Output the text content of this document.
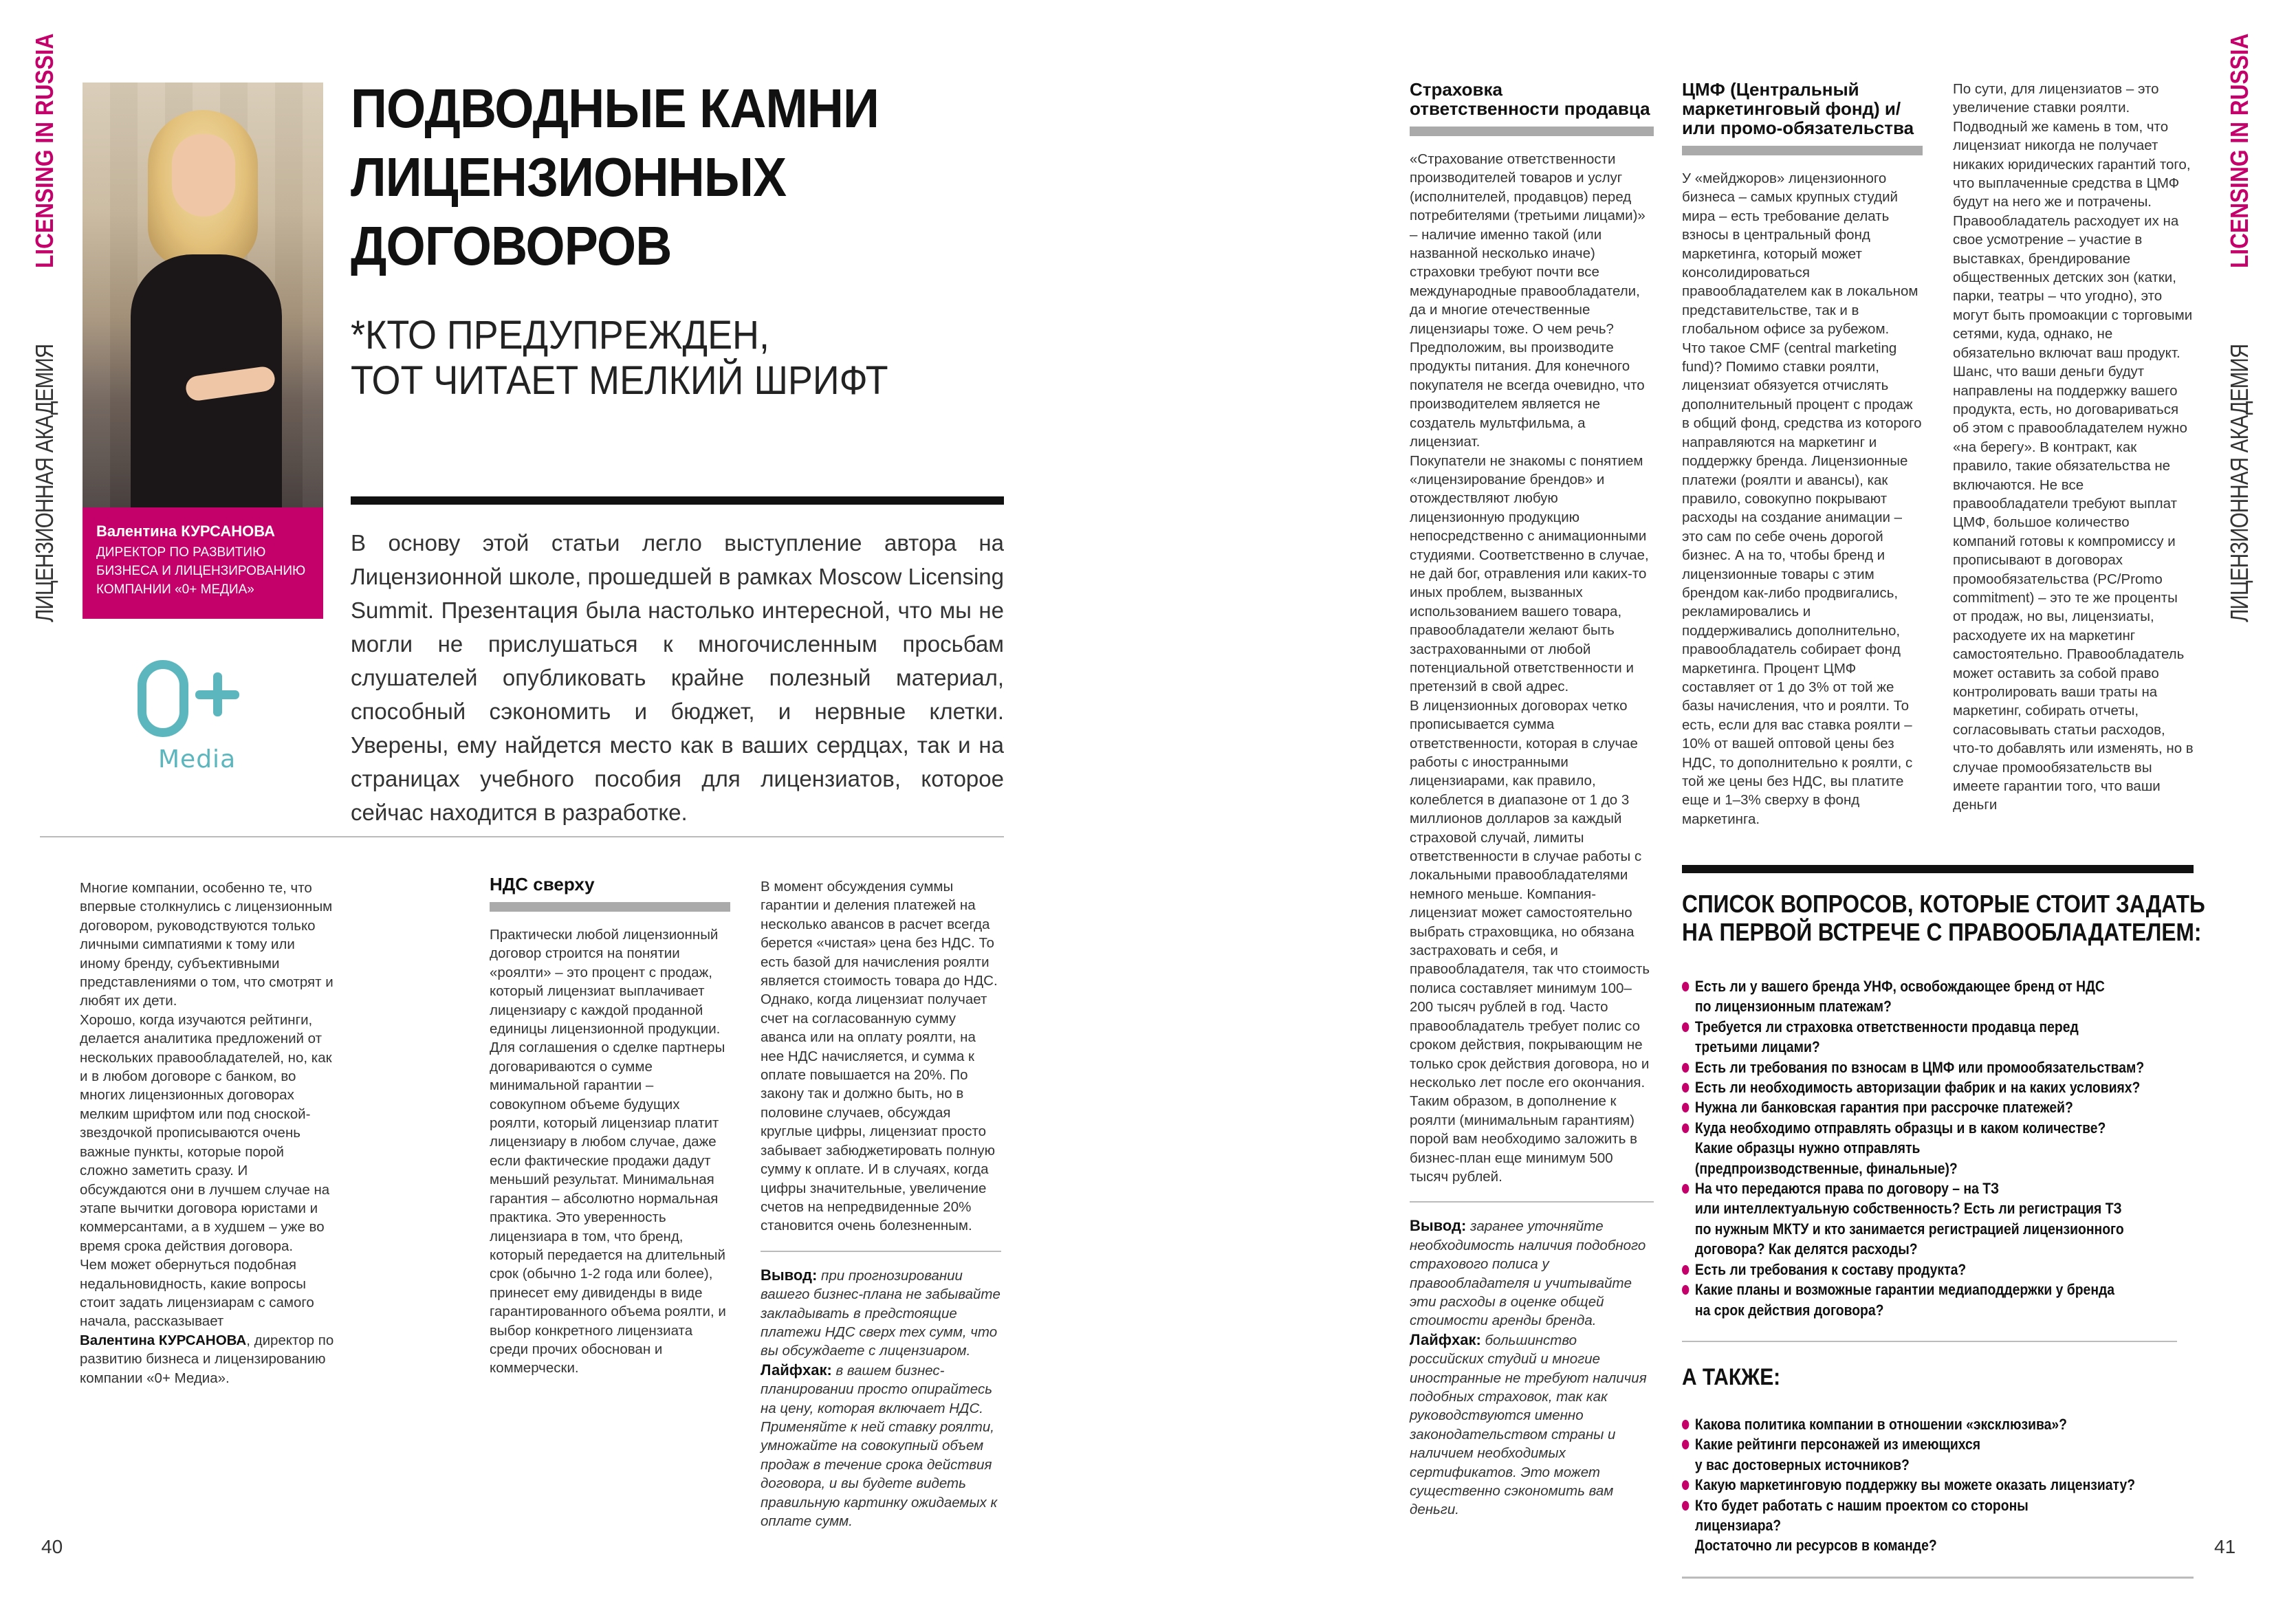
ЛИЦЕНЗИОННАЯ АКАДЕМИЯ
LICENSING IN RUSSIA
Валентина КУРСАНОВА
ДИРЕКТОР ПО РАЗВИТИЮ
БИЗНЕСА И ЛИЦЕНЗИРОВАНИЮ
КОМПАНИИ «0+ МЕДИА»
Media
ПОДВОДНЫЕ КАМНИ
ЛИЦЕНЗИОННЫХ
ДОГОВОРОВ
*КТО ПРЕДУПРЕЖДЕН,
ТОТ ЧИТАЕТ МЕЛКИЙ ШРИФТ
В основу этой статьи легло выступление автора на Лицензионной школе, прошедшей в рамках Moscow Licensing Summit. Презентация была настолько интересной, что мы не могли не прислушаться к многочисленным просьбам слушателей опубликовать крайне полезный материал, способный сэкономить и бюджет, и нервные клетки. Уверены, ему найдется место как в ваших сердцах, так и на страницах учебного пособия для лицензиатов, которое сейчас находится в разработке.

Многие компании, особенно те, что впервые столкнулись с лицензионным договором, руководствуются только личными симпатиями к тому или иному бренду, субъективными представлениями о том, что смотрят и любят их дети.

Хорошо, когда изучаются рейтинги, делается аналитика предложений от нескольких правообладателей, но, как и в любом договоре с банком, во многих лицензионных договорах мелким шрифтом или под сноской-звездочкой прописываются очень важные пункты, которые порой сложно заметить сразу. И обсуждаются они в лучшем случае на этапе вычитки договора юристами и коммерсантами, а в худшем – уже во время срока действия договора.

Чем может обернуться подобная недальновидность, какие вопросы стоит задать лицензиарам с самого начала, рассказывает
Валентина КУРСАНОВА, директор по развитию бизнеса и лицензированию компании «0+ Медиа».

НДС сверху

Практически любой лицензионный договор строится на понятии «роялти» – это процент с продаж, который лицензиат выплачивает лицензиару с каждой проданной единицы лицензионной продукции. Для соглашения о сделке партнеры договариваются о сумме минимальной гарантии – совокупном объеме будущих роялти, который лицензиар платит лицензиару в любом случае, даже если фактические продажи дадут меньший результат. Минимальная гарантия – абсолютно нормальная практика. Это уверенность лицензиара в том, что бренд, который передается на длительный срок (обычно 1-2 года или более), принесет ему дивиденды в виде гарантированного объема роялти, и выбор конкретного лицензиата среди прочих обоснован и коммерчески.

В момент обсуждения суммы гарантии и деления платежей на несколько авансов в расчет всегда берется «чистая» цена без НДС. То есть базой для начисления роялти является стоимость товара до НДС. Однако, когда лицензиат получает счет на согласованную сумму аванса или на оплату роялти, на нее НДС начисляется, и сумма к оплате повышается на 20%. По закону так и должно быть, но в половине случаев, обсуждая круглые цифры, лицензиат просто забывает забюджетировать полную сумму к оплате. И в случаях, когда цифры значительные, увеличение счетов на непредвиденные 20% становится очень болезненным.

Вывод: при прогнозировании вашего бизнес-плана не забывайте закладывать в предстоящие платежи НДС сверх тех сумм, что вы обсуждаете с лицензиаром.

Лайфхак: в вашем бизнес-планировании просто опирайтесь на цену, которая включает НДС. Применяйте к ней ставку роялти, умножайте на совокупный объем продаж в течение срока действия договора, и вы будете видеть правильную картинку ожидаемых к оплате сумм.

40
Страховка ответственности продавца

«Страхование ответственности производителей товаров и услуг (исполнителей, продавцов) перед потребителями (третьими лицами)» – наличие именно такой (или названной несколько иначе) страховки требуют почти все международные правообладатели, да и многие отечественные лицензиары тоже. О чем речь?

Предположим, вы производите продукты питания. Для конечного покупателя не всегда очевидно, что производителем является не создатель мультфильма, а лицензиат.

Покупатели не знакомы с понятием «лицензирование брендов» и отождествляют любую лицензионную продукцию непосредственно с анимационными студиями. Соответственно в случае, не дай бог, отравления или каких-то иных проблем, вызванных использованием вашего товара, правообладатели желают быть застрахованными от любой потенциальной ответственности и претензий в свой адрес.

В лицензионных договорах четко прописывается сумма ответственности, которая в случае работы с иностранными лицензиарами, как правило, колеблется в диапазоне от 1 до 3 миллионов долларов за каждый страховой случай, лимиты ответственности в случае работы с локальными правообладателями немного меньше. Компания-лицензиат может самостоятельно выбрать страховщика, но обязана застраховать и себя, и правообладателя, так что стоимость полиса составляет минимум 100–200 тысяч рублей в год. Часто правообладатель требует полис со сроком действия, покрывающим не только срок действия договора, но и несколько лет после его окончания. Таким образом, в дополнение к роялти (минимальным гарантиям) порой вам необходимо заложить в бизнес-план еще минимум 500 тысяч рублей.

Вывод: заранее уточняйте необходимость наличия подобного страхового полиса у правообладателя и учитывайте эти расходы в оценке общей стоимости аренды бренда.

Лайфхак: большинство российских студий и многие иностранные не требуют наличия подобных страховок, так как руководствуются именно законодательством страны и наличием необходимых сертификатов. Это может существенно сэкономить вам деньги.

ЦМФ (Центральный маркетинговый фонд) и/или промо-обязательства

У «мейджоров» лицензионного бизнеса – самых крупных студий мира – есть требование делать взносы в центральный фонд маркетинга, который может консолидироваться правообладателем как в локальном представительстве, так и в глобальном офисе за рубежом.

Что такое CMF (central marketing fund)? Помимо ставки роялти, лицензиат обязуется отчислять дополнительный процент с продаж в общий фонд, средства из которого направляются на маркетинг и поддержку бренда. Лицензионные платежи (роялти и авансы), как правило, совокупно покрывают расходы на создание анимации – это сам по себе очень дорогой бизнес. А на то, чтобы бренд и лицензионные товары с этим брендом как-либо продвигались, рекламировались и поддерживались дополнительно, правообладатель собирает фонд маркетинга. Процент ЦМФ составляет от 1 до 3% от той же базы начисления, что и роялти. То есть, если для вас ставка роялти –10% от вашей оптовой цены без НДС, то дополнительно к роялти, с той же цены без НДС, вы платите еще и 1–3% сверху в фонд маркетинга.

По сути, для лицензиатов – это увеличение ставки роялти. Подводный же камень в том, что лицензиат никогда не получает никаких юридических гарантий того, что выплаченные средства в ЦМФ будут на него же и потрачены.

Правообладатель расходует их на свое усмотрение – участие в выставках, брендирование общественных детских зон (катки, парки, театры – что угодно), это могут быть промоакции с торговыми сетями, куда, однако, не обязательно включат ваш продукт. Шанс, что ваши деньги будут направлены на поддержку вашего продукта, есть, но договариваться об этом с правообладателем нужно «на берегу». В контракт, как правило, такие обязательства не включаются. Не все правообладатели требуют выплат ЦМФ, большое количество компаний готовы к компромиссу и прописывают в договорах промообязательства (PC/Promo commitment) – это те же проценты от продаж, но вы, лицензиаты, расходуете их на маркетинг самостоятельно. Правообладатель может оставить за собой право контролировать ваши траты на маркетинг, собирать отчеты, согласовывать статьи расходов, что-то добавлять или изменять, но в случае промообязательств вы имеете гарантии того, что ваши деньги

СПИСОК ВОПРОСОВ, КОТОРЫЕ СТОИТ ЗАДАТЬ
НА ПЕРВОЙ ВСТРЕЧЕ С ПРАВООБЛАДАТЕЛЕМ:
Есть ли у вашего бренда УНФ, освобождающее бренд от НДС
по лицензионным платежам?
Требуется ли страховка ответственности продавца перед
третьими лицами?
Есть ли требования по взносам в ЦМФ или промообязательствам?
Есть ли необходимость авторизации фабрик и на каких условиях?
Нужна ли банковская гарантия при рассрочке платежей?
Куда необходимо отправлять образцы и в каком количестве?
Какие образцы нужно отправлять
(предпроизводственные, финальные)?
На что передаются права по договору – на ТЗ
или интеллектуальную собственность? Есть ли регистрация ТЗ
по нужным МКТУ и кто занимается регистрацией лицензионного
договора? Как делятся расходы?
Есть ли требования к составу продукта?
Какие планы и возможные гарантии медиаподдержки у бренда
на срок действия договора?
А ТАКЖЕ:
Какова политика компании в отношении «эксклюзива»?
Какие рейтинги персонажей из имеющихся
у вас достоверных источников?
Какую маркетинговую поддержку вы можете оказать лицензиату?
Кто будет работать с нашим проектом со стороны
лицензиара?
Достаточно ли ресурсов в команде?
ЛИЦЕНЗИОННАЯ АКАДЕМИЯ
LICENSING IN RUSSIA
41
